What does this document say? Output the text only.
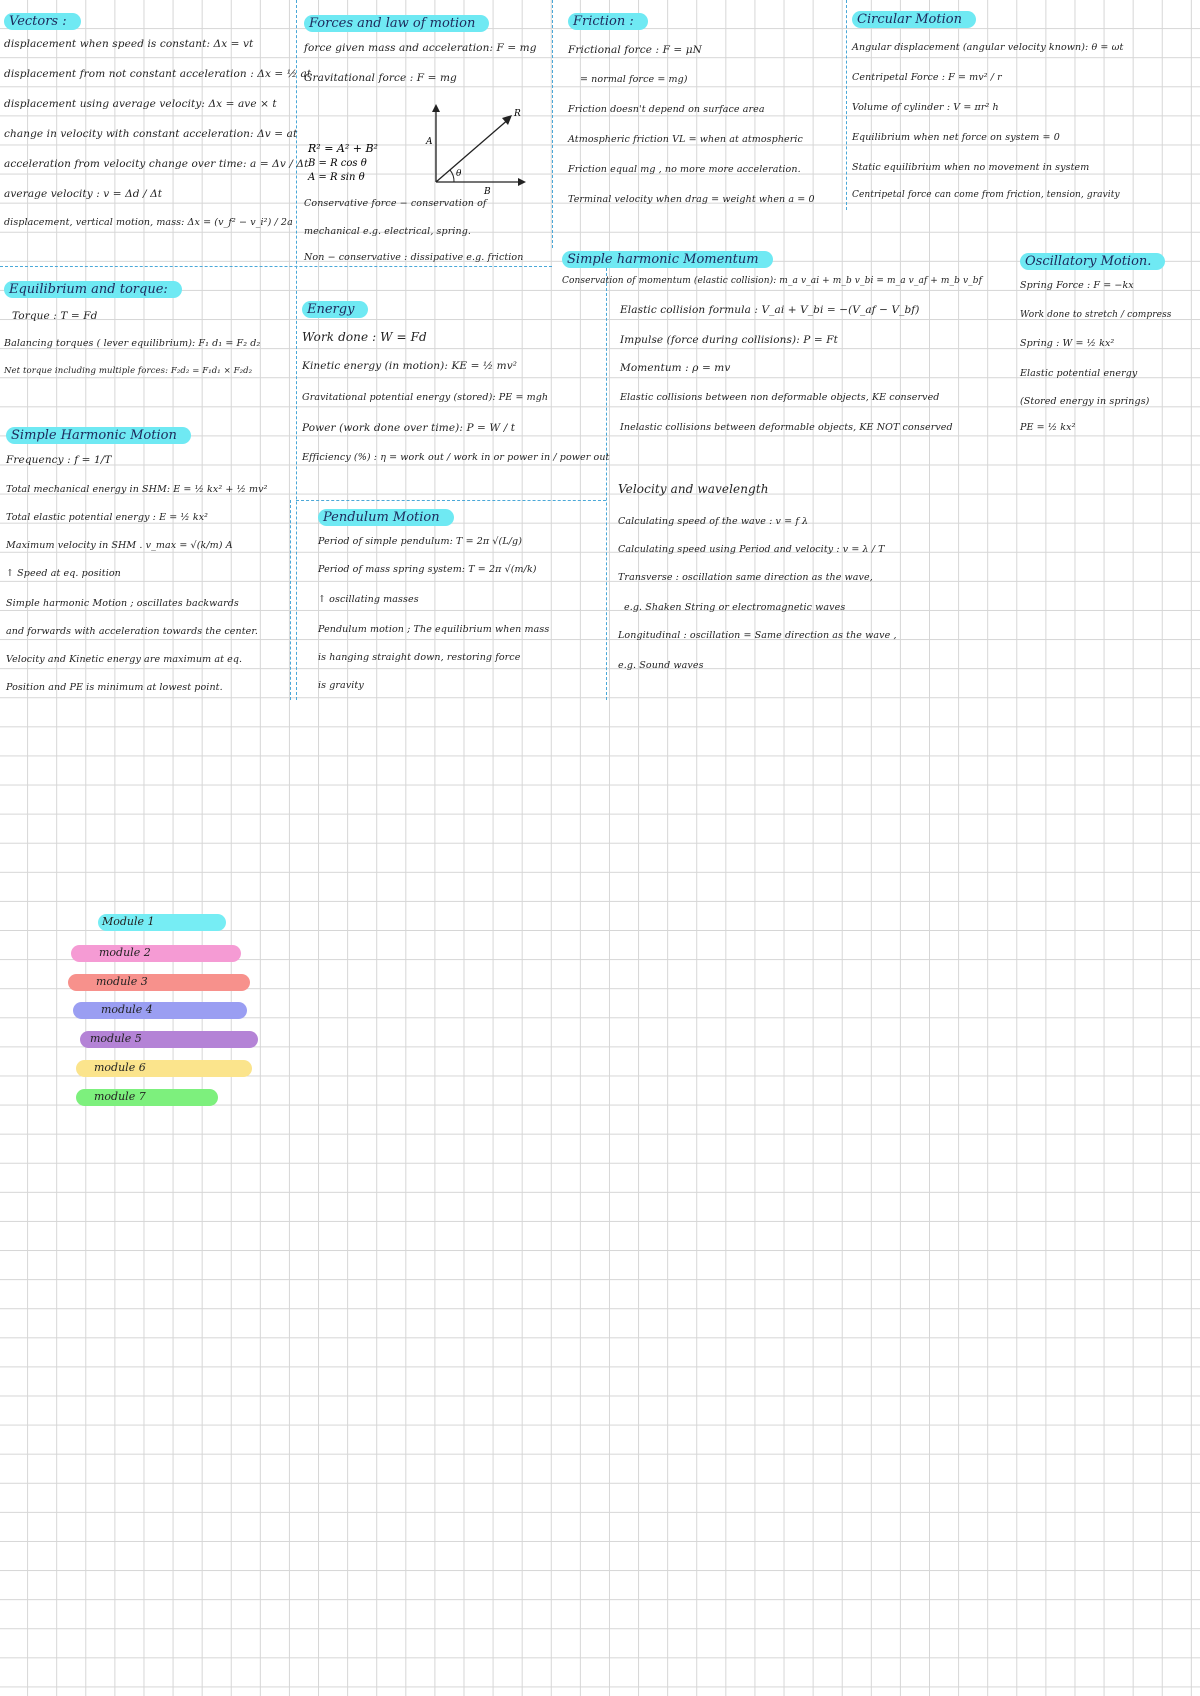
Vectors :
displacement when speed is constant: Δx = vt
displacement from not constant acceleration : Δx = ½ at
displacement using average velocity: Δx = ave × t
change in velocity with constant acceleration: Δv = at
acceleration from velocity change over time: a = Δv / Δt
average velocity : v = Δd / Δt
displacement, vertical motion, mass: Δx = (v_f² − v_i²) / 2a
Forces and law of motion
force given mass and acceleration: F = mg
Gravitational force : F = mg
R² = A² + B²
B = R cos θ
A = R sin θ	θ
R
A
B
Conservative force − conservation of
mechanical e.g. electrical, spring.
Non − conservative : dissipative e.g. friction
Friction :
Frictional force : F = μN
= normal force = mg)
Friction doesn't depend on surface area
Atmospheric friction VL = when at atmospheric
Friction equal mg , no more more acceleration.
Terminal velocity when drag = weight when a = 0
Circular Motion
Angular displacement (angular velocity known): θ = ωt
Centripetal Force : F = mv² / r
Volume of cylinder : V = πr² h
Equilibrium when net force on system = 0
Static equilibrium when no movement in system
Centripetal force can come from friction, tension, gravity
Simple harmonic Momentum
Conservation of momentum (elastic collision): m_a v_ai + m_b v_bi = m_a v_af + m_b v_bf
Elastic collision formula : V_ai + V_bi = −(V_af − V_bf)
Impulse (force during collisions): P = Ft
Momentum : ρ = mv
Elastic collisions between non deformable objects, KE conserved
Inelastic collisions between deformable objects, KE NOT conserved
Oscillatory Motion.
Spring Force : F = −kx
Work done to stretch / compress
Spring : W = ½ kx²
Elastic potential energy
(Stored energy in springs)
PE = ½ kx²
Equilibrium and torque:
Torque : T = Fd
Balancing torques ( lever equilibrium): F₁ d₁ = F₂ d₂
Net torque including multiple forces: F₂d₂ = F₁d₁ × F₂d₂
Energy
Work done : W = Fd
Kinetic energy (in motion): KE = ½ mv²
Gravitational potential energy (stored): PE = mgh
Power (work done over time): P = W / t
Efficiency (%) : η = work out / work in or power in / power out
Simple Harmonic Motion
Frequency : f = 1/T
Total mechanical energy in SHM: E = ½ kx² + ½ mv²
Total elastic potential energy : E = ½ kx²
Maximum velocity in SHM . v_max = √(k/m) A
↑ Speed at eq. position
Simple harmonic Motion ; oscillates backwards
and forwards with acceleration towards the center.
Velocity and Kinetic energy are maximum at eq.
Position and PE is minimum at lowest point.
Pendulum Motion
Period of simple pendulum: T = 2π √(L/g)
Period of mass spring system: T = 2π √(m/k)
↑ oscillating masses
Pendulum motion ; The equilibrium when mass
is hanging straight down, restoring force
is gravity
Velocity and wavelength
Calculating speed of the wave : v = f λ
Calculating speed using Period and velocity : v = λ / T
Transverse : oscillation same direction as the wave,
e.g. Shaken String or electromagnetic waves
Longitudinal : oscillation = Same direction as the wave ,
e.g. Sound waves
Module 1
module 2
module 3
module 4
module 5
module 6
module 7
